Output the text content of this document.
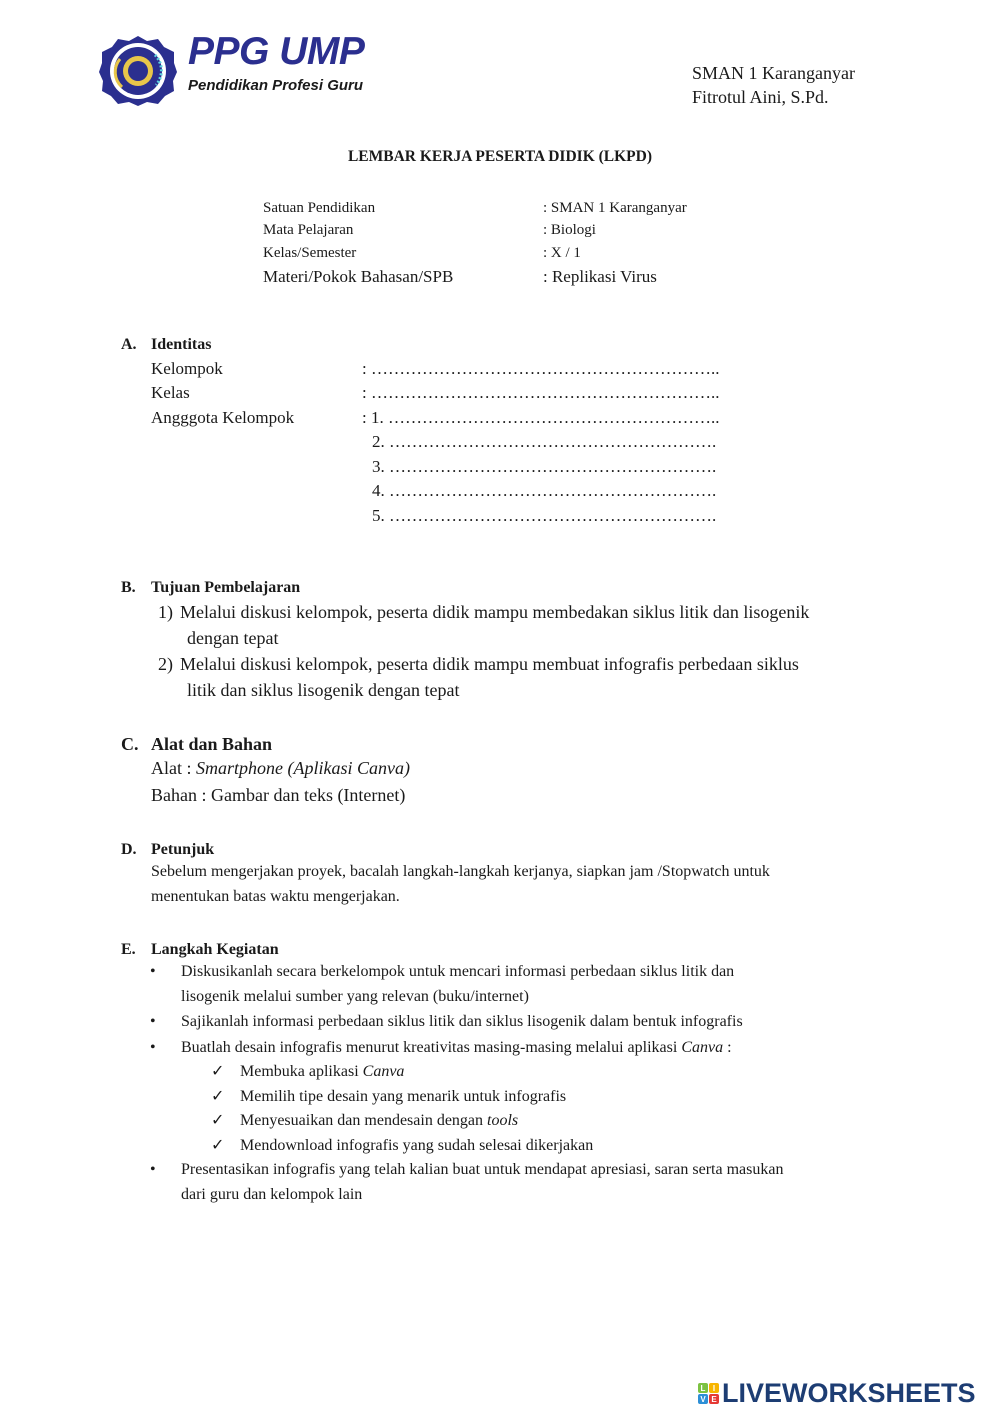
PPG UMP
Pendidikan Profesi Guru
SMAN 1 Karanganyar
Fitrotul Aini, S.Pd.
LEMBAR KERJA PESERTA DIDIK (LKPD)
Satuan Pendidikan	: SMAN 1 Karanganyar
Mata Pelajaran	: Biologi
Kelas/Semester	: X / 1
Materi/Pokok Bahasan/SPB	: Replikasi Virus
A. Identitas
Kelompok	: ……………………………………………………..
Kelas	: ……………………………………………………..
Angggota Kelompok	: 1. …………………………………………………..
2. ………………………………………………….
3. ………………………………………………….
4. ………………………………………………….
5. ………………………………………………….
B. Tujuan Pembelajaran
1) Melalui diskusi kelompok, peserta didik mampu membedakan siklus litik dan lisogenik
dengan tepat
2) Melalui diskusi kelompok, peserta didik mampu membuat infografis perbedaan siklus
litik dan siklus lisogenik dengan tepat
C. Alat dan Bahan
Alat : Smartphone (Aplikasi Canva)
Bahan : Gambar dan teks (Internet)
D. Petunjuk
Sebelum mengerjakan proyek, bacalah langkah-langkah kerjanya, siapkan jam /Stopwatch untuk
menentukan batas waktu mengerjakan.
E. Langkah Kegiatan
• Diskusikanlah secara berkelompok untuk mencari informasi perbedaan siklus litik dan
lisogenik melalui sumber yang relevan (buku/internet)
• Sajikanlah informasi perbedaan siklus litik dan siklus lisogenik dalam bentuk infografis
• Buatlah desain infografis menurut kreativitas masing-masing melalui aplikasi Canva :
✓ Membuka aplikasi Canva
✓ Memilih tipe desain yang menarik untuk infografis
✓ Menyesuaikan dan mendesain dengan tools
✓ Mendownload infografis yang sudah selesai dikerjakan
• Presentasikan infografis yang telah kalian buat untuk mendapat apresiasi, saran serta masukan
dari guru dan kelompok lain
L I
V E LIVEWORKSHEETS
